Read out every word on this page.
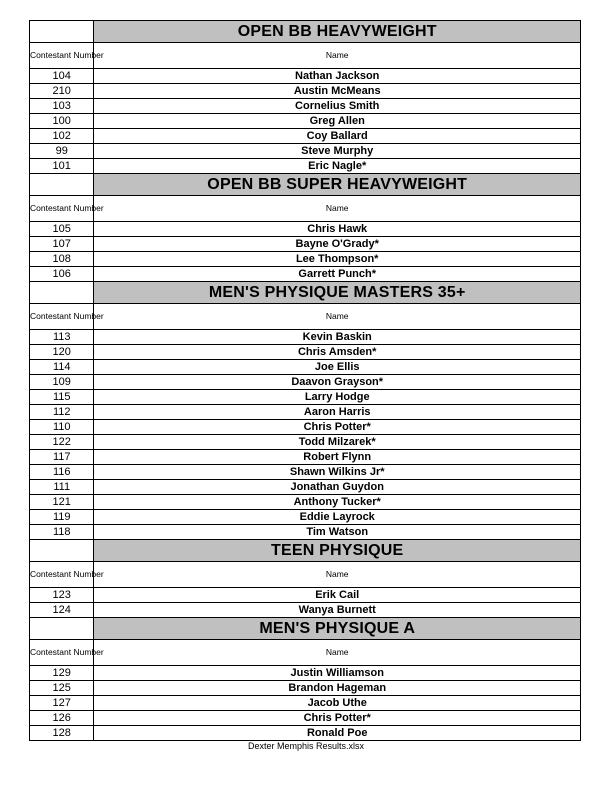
	OPEN BB HEAVYWEIGHT	
Contestant Number	Name	
104	Nathan Jackson	
210	Austin McMeans	
103	Cornelius Smith	
100	Greg Allen	
102	Coy Ballard	
99	Steve Murphy	
101	Eric Nagle*	
	OPEN BB SUPER HEAVYWEIGHT	
Contestant Number	Name	
105	Chris Hawk	
107	Bayne O'Grady*	
108	Lee Thompson*	
106	Garrett Punch*	
	MEN'S PHYSIQUE MASTERS 35+	
Contestant Number	Name	
113	Kevin Baskin	
120	Chris Amsden*	
114	Joe Ellis	
109	Daavon Grayson*	
115	Larry Hodge	
112	Aaron Harris	
110	Chris Potter*	
122	Todd Milzarek*	
117	Robert Flynn	
116	Shawn Wilkins Jr*	
111	Jonathan Guydon	
121	Anthony Tucker*	
119	Eddie Layrock	
118	Tim Watson	
	TEEN PHYSIQUE	
Contestant Number	Name	
123	Erik Cail	
124	Wanya Burnett	
	MEN'S PHYSIQUE A	
Contestant Number	Name	
129	Justin Williamson	
125	Brandon Hageman	
127	Jacob Uthe	
126	Chris Potter*	
128	Ronald Poe	
Dexter Memphis Results.xlsx
